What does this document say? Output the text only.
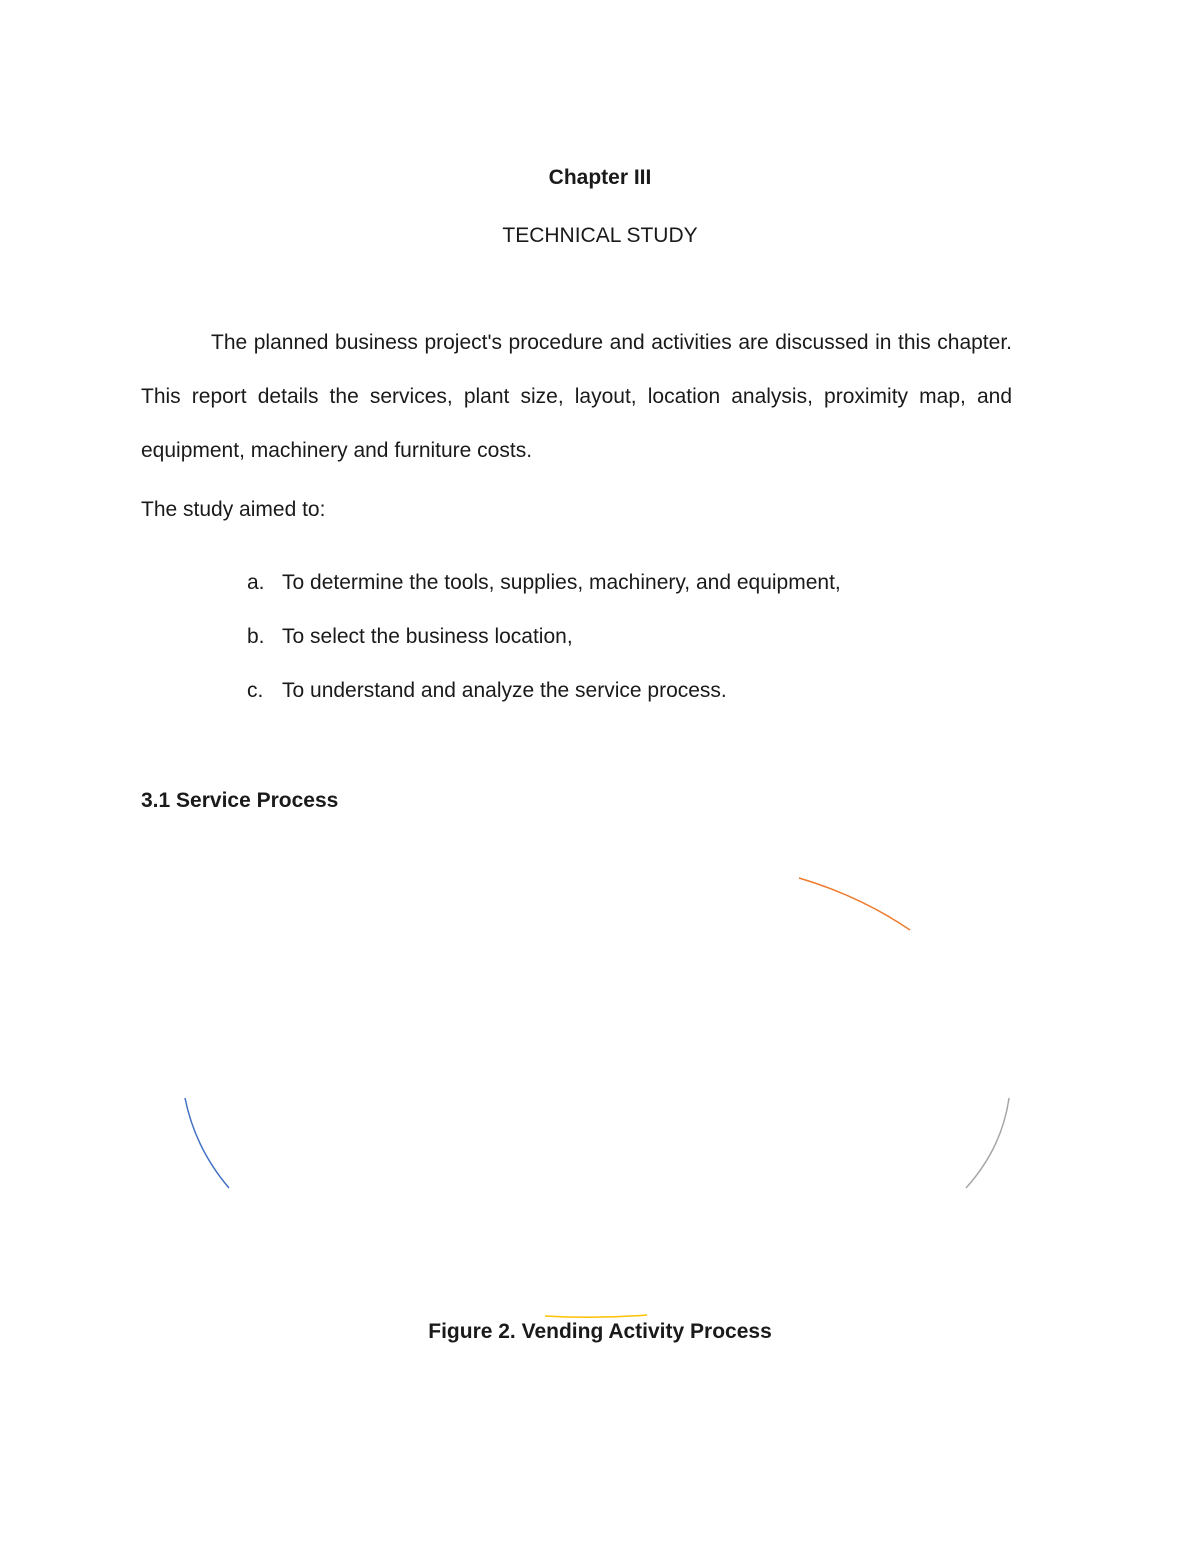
Chapter III
TECHNICAL STUDY

The planned business project's procedure and activities are discussed in this chapter. This report details the services, plant size, layout, location analysis, proximity map, and equipment, machinery and furniture costs.

The study aimed to:

a. To determine the tools, supplies, machinery, and equipment,
b. To select the business location,
c. To understand and analyze the service process.
3.1 Service Process

Figure 2. Vending Activity Process
